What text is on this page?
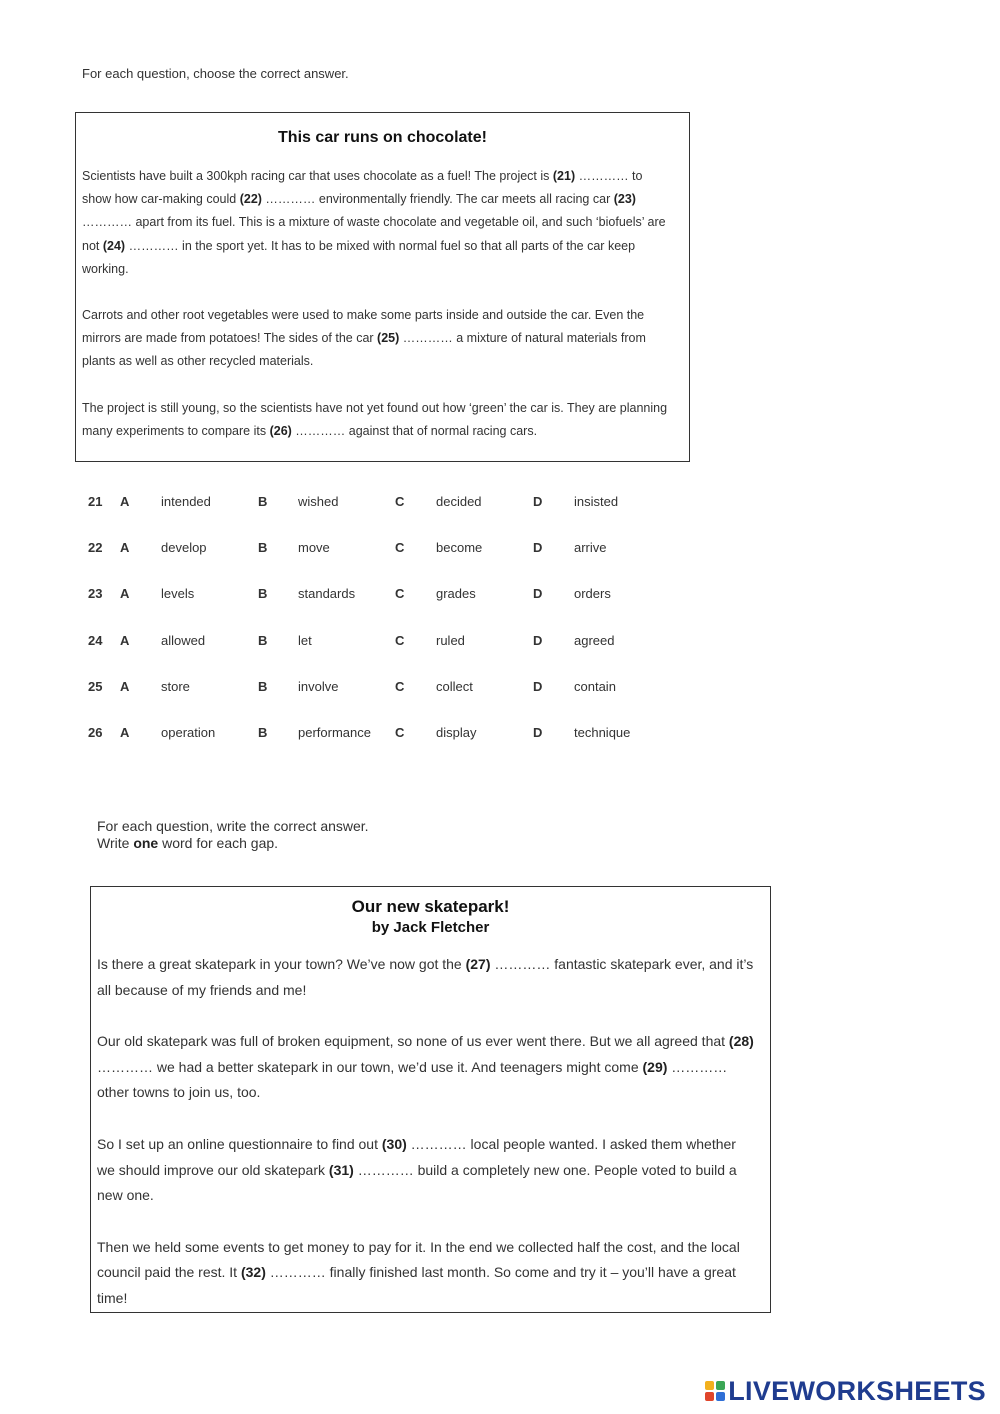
For each question, choose the correct answer.
This car runs on chocolate!

Scientists have built a 300kph racing car that uses chocolate as a fuel! The project is (21) ………… to show how car-making could (22) ………… environmentally friendly. The car meets all racing car (23) ………… apart from its fuel. This is a mixture of waste chocolate and vegetable oil, and such ‘biofuels’ are not (24) ………… in the sport yet. It has to be mixed with normal fuel so that all parts of the car keep working.

Carrots and other root vegetables were used to make some parts inside and outside the car. Even the mirrors are made from potatoes! The sides of the car (25) ………… a mixture of natural materials from plants as well as other recycled materials.

The project is still young, so the scientists have not yet found out how ‘green’ the car is. They are planning many experiments to compare its (26) ………… against that of normal racing cars.

21 A intended	B wished	C decided	D insisted
22 A develop	B move	C become	D arrive
23 A levels	B standards	C grades	D orders
24 A allowed	B let	C ruled	D agreed
25 A store	B involve	C collect	D contain
26 A operation	B performance C display	D technique
For each question, write the correct answer.
Write one word for each gap.
Our new skatepark!
by Jack Fletcher

Is there a great skatepark in your town? We’ve now got the (27) ………… fantastic skatepark ever, and it’s all because of my friends and me!

Our old skatepark was full of broken equipment, so none of us ever went there. But we all agreed that (28) ………… we had a better skatepark in our town, we’d use it. And teenagers might come (29) ………… other towns to join us, too.

So I set up an online questionnaire to find out (30) ………… local people wanted. I asked them whether we should improve our old skatepark (31) ………… build a completely new one. People voted to build a new one.

Then we held some events to get money to pay for it. In the end we collected half the cost, and the local council paid the rest. It (32) ………… finally finished last month. So come and try it – you’ll have a great time!

LIVEWORKSHEETS
